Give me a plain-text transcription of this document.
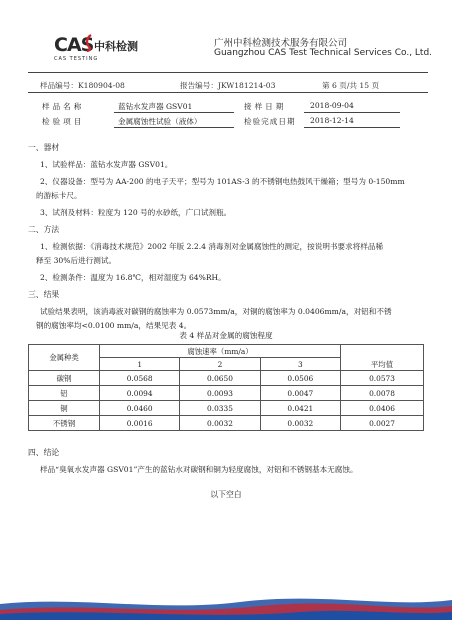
CAS 中科检测
CAS TESTING
广州中科检测技术服务有限公司
Guangzhou CAS Test Technical Services Co., Ltd.
样品编号：K180904-08	报告编号：JKW181214-03	第 6 页/共 15 页
样品名称	蓝钻水发声器 GSV01	接样日期	2018-09-04
检验项目	金属腐蚀性试验（液体）	检验完成日期 2018-12-14
一、器材
1、试验样品：蓝钻水发声器 GSV01。
2、仪器设备：型号为 AA-200 的电子天平；型号为 101AS-3 的不锈钢电热鼓风干燥箱；型号为 0-150mm
的游标卡尺。
3、试剂及材料：粒度为 120 号的水砂纸，广口试剂瓶。
二、方法
1、检测依据：《消毒技术规范》2002 年版 2.2.4 消毒剂对金属腐蚀性的测定，按说明书要求将样品稀
释至 30%后进行测试。
2、检测条件：温度为 16.8℃，相对湿度为 64%RH。
三、结果
试验结果表明，该消毒液对碳钢的腐蚀率为 0.0573mm/a，对铜的腐蚀率为 0.0406mm/a，对铝和不锈
钢的腐蚀率均<0.0100 mm/a，结果见表 4。
表 4 样品对金属的腐蚀程度
金属种类	腐蚀速率（mm/a）			平均值
	1	2	3	
碳钢	0.0568	0.0650	0.0506	0.0573
铝	0.0094	0.0093	0.0047	0.0078
铜	0.0460	0.0335	0.0421	0.0406
不锈钢	0.0016	0.0032	0.0032	0.0027
四、结论
样品“臭氧水发声器 GSV01”产生的蓝钻水对碳钢和铜为轻度腐蚀，对铝和不锈钢基本无腐蚀。
以下空白
